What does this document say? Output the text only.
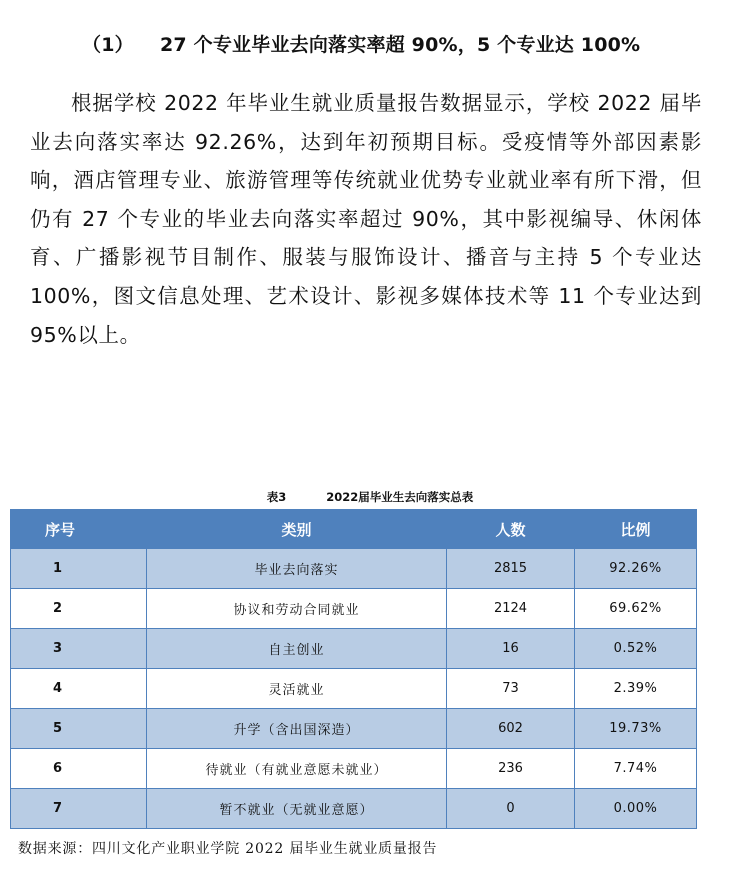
（1） 27 个专业毕业去向落实率超 90%，5 个专业达 100%
根据学校 2022 年毕业生就业质量报告数据显示，学校 2022 届毕业去向落实率达 92.26%，达到年初预期目标。受疫情等外部因素影响，酒店管理专业、旅游管理等传统就业优势专业就业率有所下滑，但仍有 27 个专业的毕业去向落实率超过 90%，其中影视编导、休闲体育、广播影视节目制作、服装与服饰设计、播音与主持 5 个专业达 100%，图文信息处理、艺术设计、影视多媒体技术等 11 个专业达到 95%以上。
表3	2022届毕业生去向落实总表
序号	类别	人数	比例
1	毕业去向落实	2815	92.26%
2	协议和劳动合同就业	2124	69.62%
3	自主创业	16	0.52%
4	灵活就业	73	2.39%
5	升学（含出国深造）	602	19.73%
6	待就业（有就业意愿未就业）	236	7.74%
7	暂不就业（无就业意愿）	0	0.00%
数据来源：四川文化产业职业学院 2022 届毕业生就业质量报告
